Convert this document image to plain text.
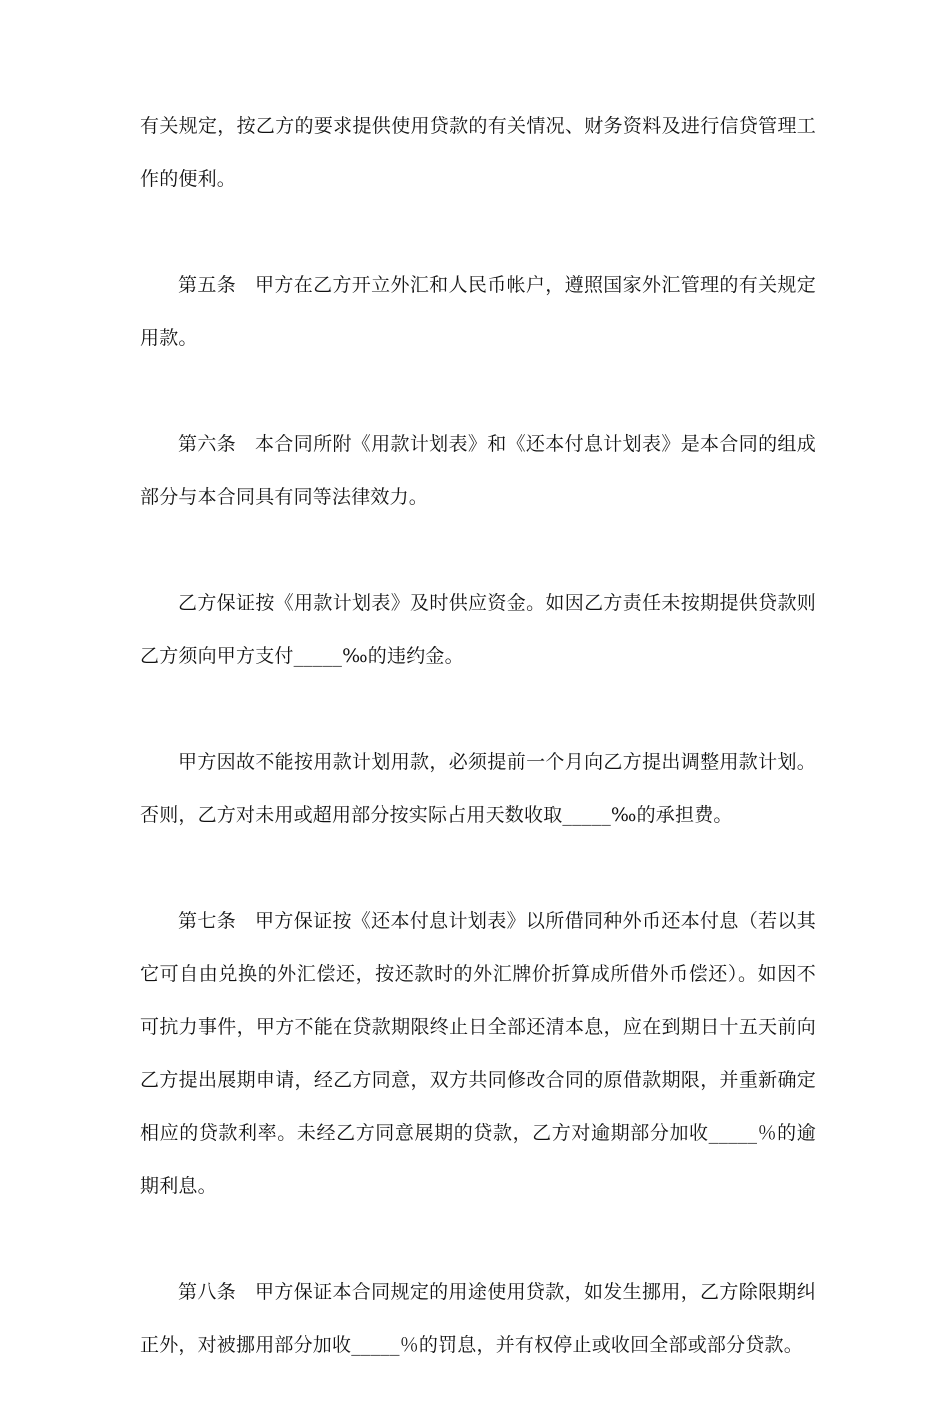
有关规定，按乙方的要求提供使用贷款的有关情况、财务资料及进行信贷管理工作的便利。

第五条 甲方在乙方开立外汇和人民币帐户，遵照国家外汇管理的有关规定用款。

第六条 本合同所附《用款计划表》和《还本付息计划表》是本合同的组成部分与本合同具有同等法律效力。

乙方保证按《用款计划表》及时供应资金。如因乙方责任未按期提供贷款则乙方须向甲方支付_____‰的违约金。

甲方因故不能按用款计划用款，必须提前一个月向乙方提出调整用款计划。否则，乙方对未用或超用部分按实际占用天数收取_____‰的承担费。

第七条 甲方保证按《还本付息计划表》以所借同种外币还本付息（若以其它可自由兑换的外汇偿还，按还款时的外汇牌价折算成所借外币偿还）。如因不可抗力事件，甲方不能在贷款期限终止日全部还清本息，应在到期日十五天前向乙方提出展期申请，经乙方同意，双方共同修改合同的原借款期限，并重新确定相应的贷款利率。未经乙方同意展期的贷款，乙方对逾期部分加收_____％的逾期利息。

第八条 甲方保证本合同规定的用途使用贷款，如发生挪用，乙方除限期纠正外，对被挪用部分加收_____％的罚息，并有权停止或收回全部或部分贷款。
